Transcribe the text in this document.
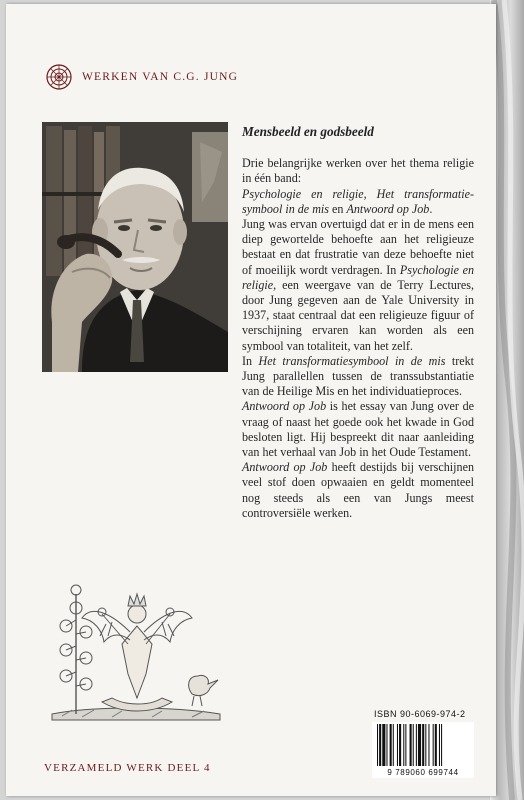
WERKEN VAN C.G. JUNG

Mensbeeld en godsbeeld

Drie belangrijke werken over het thema religie in één band:
Psychologie en religie, Het transformatiesymbool in de mis en Antwoord op Job.

Jung was ervan overtuigd dat er in de mens een diep gewortelde behoefte aan het religieuze bestaat en dat frustratie van deze behoefte niet of moeilijk wordt verdragen. In Psychologie en religie, een weergave van de Terry Lectures, door Jung gegeven aan de Yale University in 1937, staat centraal dat een religieuze figuur of verschijning ervaren kan worden als een symbool van totaliteit, van het zelf.

In Het transformatiesymbool in de mis trekt Jung parallellen tussen de transsubstantiatie van de Heilige Mis en het individuatieproces.

Antwoord op Job is het essay van Jung over de vraag of naast het goede ook het kwade in God besloten ligt. Hij bespreekt dit naar aanleiding van het verhaal van Job in het Oude Testament.

Antwoord op Job heeft destijds bij verschijnen veel stof doen opwaaien en geldt momenteel nog steeds als een van Jungs meest controversiële werken.

VERZAMELD WERK DEEL 4
ISBN 90-6069-974-2
9 789060 699744
